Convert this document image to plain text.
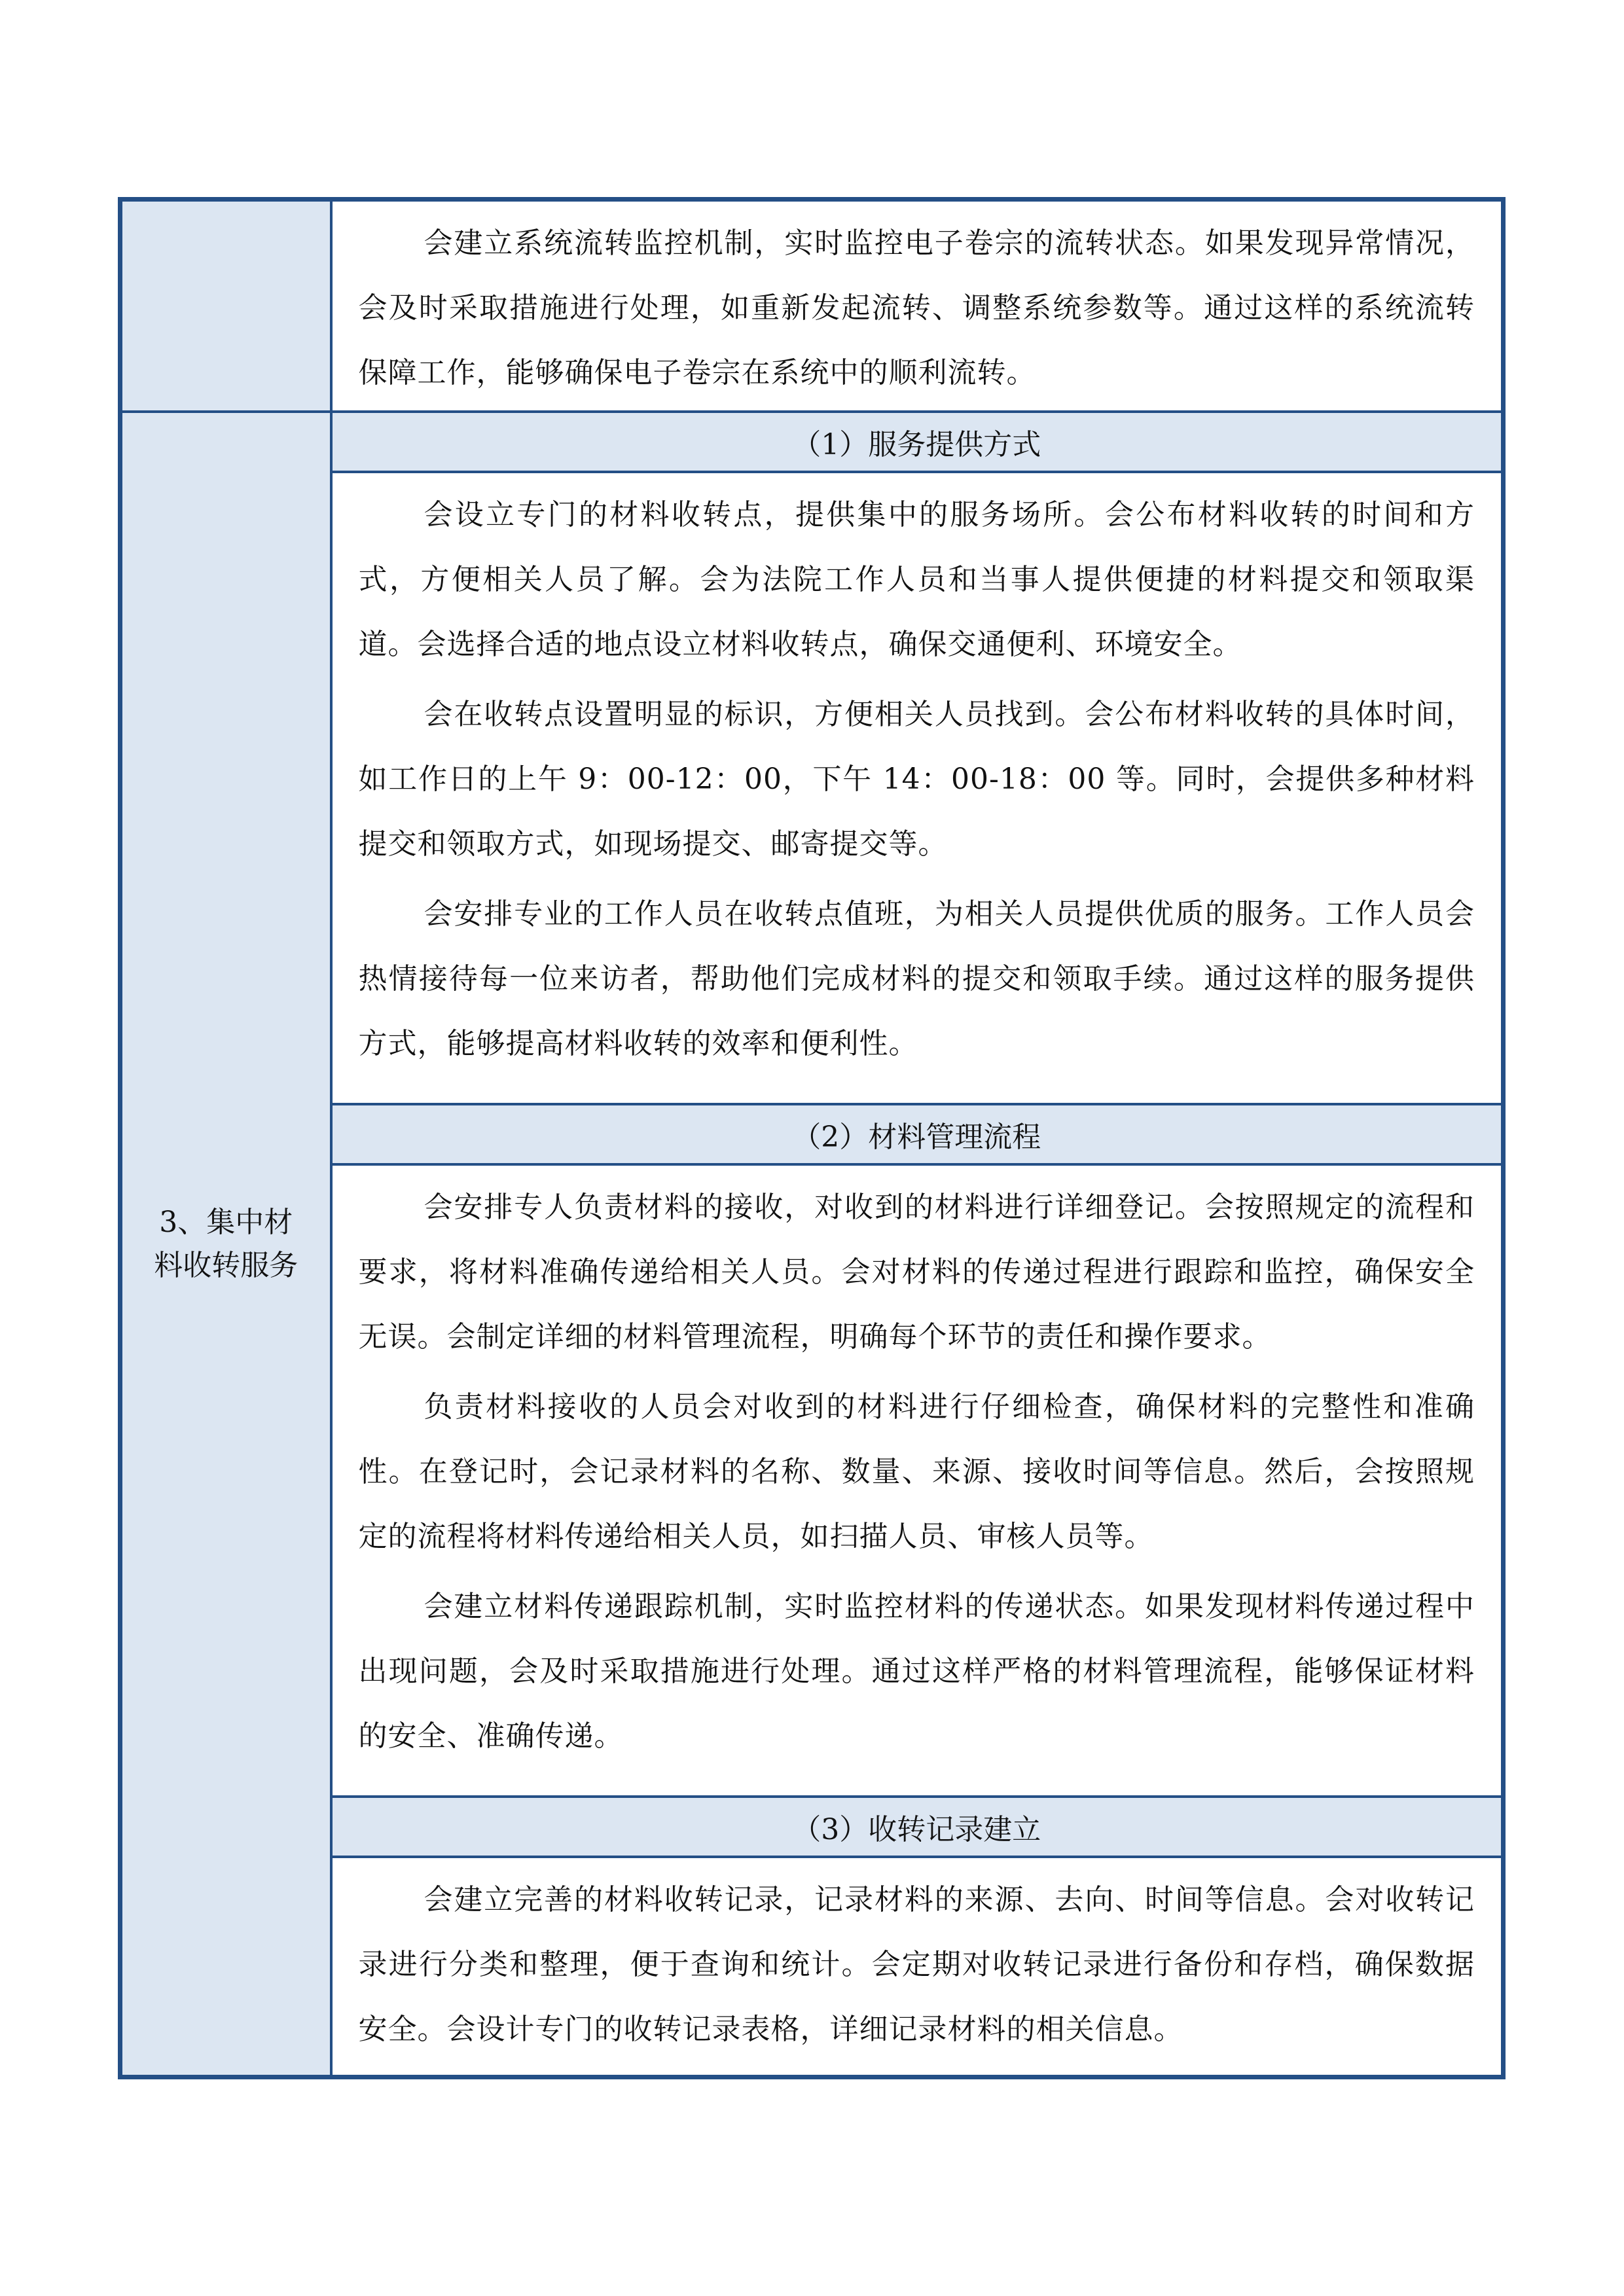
	会建立系统流转监控机制，实时监控电子卷宗的流转状态。如果发现异常情况，会及时采取措施进行处理，如重新发起流转、调整系统参数等。通过这样的系统流转保障工作，能够确保电子卷宗在系统中的顺利流转。

3、集中材料收转服务	（1）服务提供方式

	会设立专门的材料收转点，提供集中的服务场所。会公布材料收转的时间和方式，方便相关人员了解。会为法院工作人员和当事人提供便捷的材料提交和领取渠道。会选择合适的地点设立材料收转点，确保交通便利、环境安全。

会在收转点设置明显的标识，方便相关人员找到。会公布材料收转的具体时间，如工作日的上午 9：00-12：00，下午 14：00-18：00 等。同时，会提供多种材料提交和领取方式，如现场提交、邮寄提交等。

会安排专业的工作人员在收转点值班，为相关人员提供优质的服务。工作人员会热情接待每一位来访者，帮助他们完成材料的提交和领取手续。通过这样的服务提供方式，能够提高材料收转的效率和便利性。

	（2）材料管理流程

	会安排专人负责材料的接收，对收到的材料进行详细登记。会按照规定的流程和要求，将材料准确传递给相关人员。会对材料的传递过程进行跟踪和监控，确保安全无误。会制定详细的材料管理流程，明确每个环节的责任和操作要求。

负责材料接收的人员会对收到的材料进行仔细检查，确保材料的完整性和准确性。在登记时，会记录材料的名称、数量、来源、接收时间等信息。然后，会按照规定的流程将材料传递给相关人员，如扫描人员、审核人员等。

会建立材料传递跟踪机制，实时监控材料的传递状态。如果发现材料传递过程中出现问题，会及时采取措施进行处理。通过这样严格的材料管理流程，能够保证材料的安全、准确传递。

	（3）收转记录建立

	会建立完善的材料收转记录，记录材料的来源、去向、时间等信息。会对收转记录进行分类和整理，便于查询和统计。会定期对收转记录进行备份和存档，确保数据安全。会设计专门的收转记录表格，详细记录材料的相关信息。
